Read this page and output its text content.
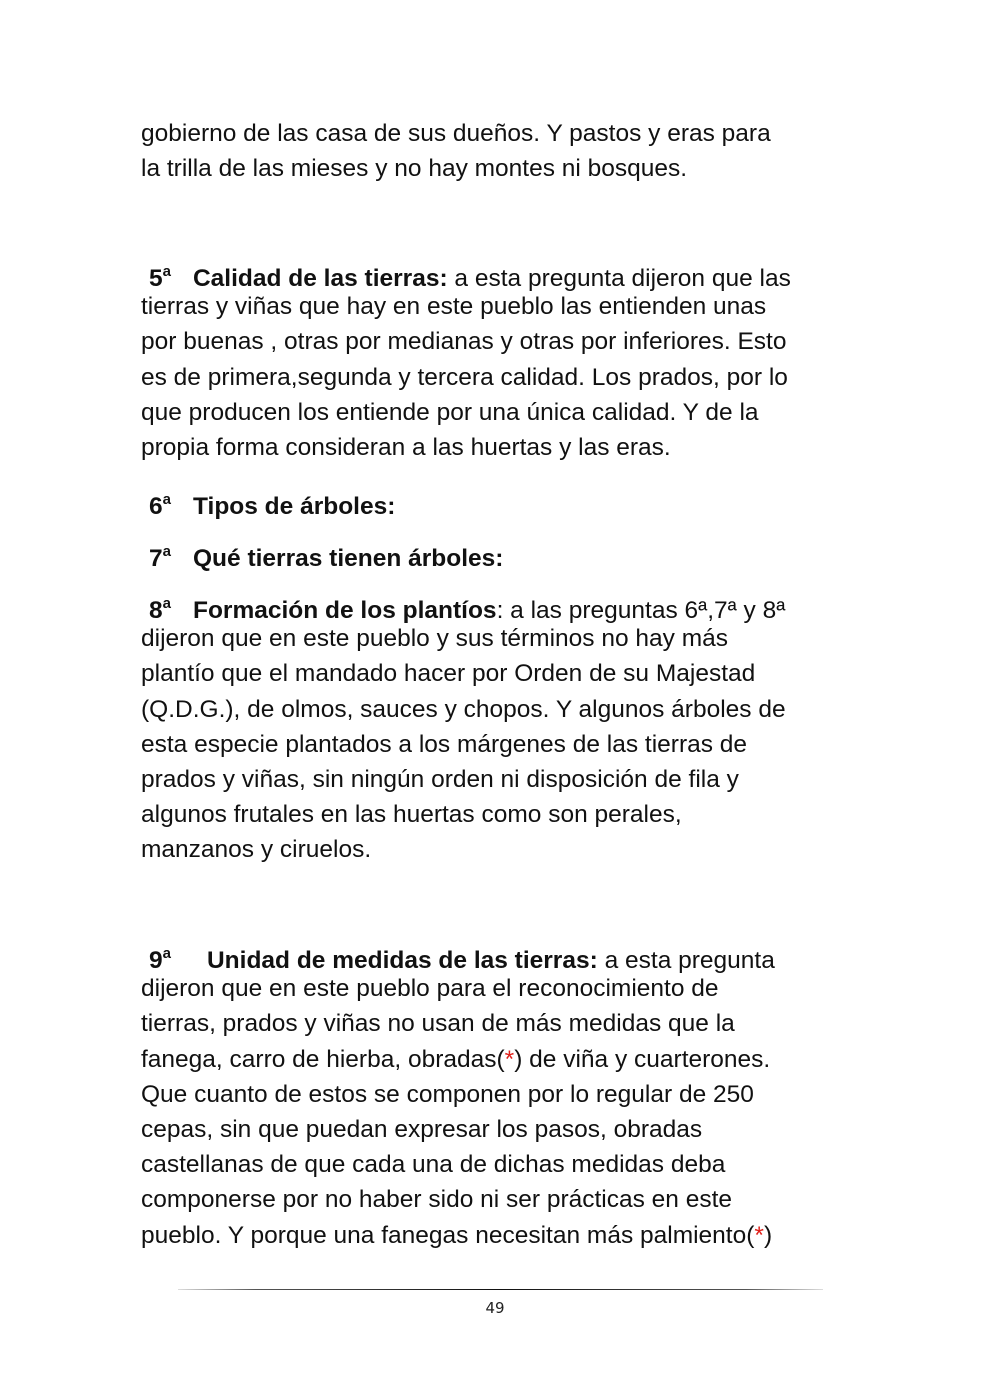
gobierno de las casa de sus dueños. Y pastos y eras para
la trilla de las mieses y no hay montes ni bosques.
5$^a$ Calidad de las tierras: a esta pregunta dijeron que las
tierras y viñas que hay en este pueblo las entienden unas
por buenas , otras por medianas y otras por inferiores. Esto
es de primera,segunda y tercera calidad. Los prados, por lo
que producen los entiende por una única calidad. Y de la
propia forma consideran a las huertas y las eras.
6$^a$ Tipos de árboles:
7$^a$ Qué tierras tienen árboles:
8$^a$ Formación de los plantíos: a las preguntas 6ª,7ª y 8ª
dijeron que en este pueblo y sus términos no hay más
plantío que el mandado hacer por Orden de su Majestad
(Q.D.G.), de olmos, sauces y chopos. Y algunos árboles de
esta especie plantados a los márgenes de las tierras de
prados y viñas, sin ningún orden ni disposición de fila y
algunos frutales en las huertas como son perales,
manzanos y ciruelos.
9$^a$ Unidad de medidas de las tierras: a esta pregunta
dijeron que en este pueblo para el reconocimiento de
tierras, prados y viñas no usan de más medidas que la
fanega, carro de hierba, obradas(*) de viña y cuarterones.
Que cuanto de estos se componen por lo regular de 250
cepas, sin que puedan expresar los pasos, obradas
castellanas de que cada una de dichas medidas deba
componerse por no haber sido ni ser prácticas en este
pueblo. Y porque una fanegas necesitan más palmiento(*)
49
